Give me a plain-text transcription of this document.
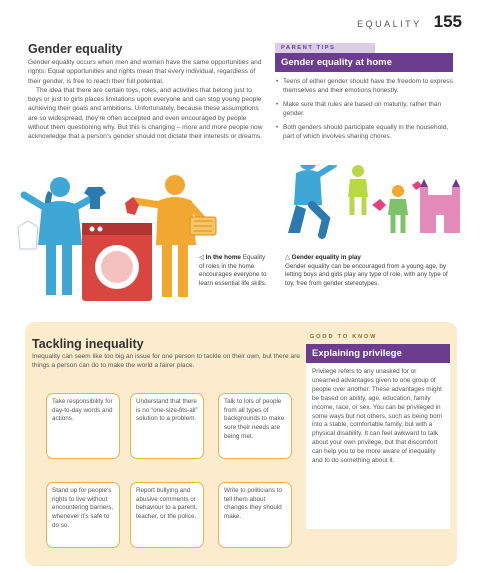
EQUALITY 155
Gender equality

Gender equality occurs when men and women have the same opportunities and rights. Equal opportunities and rights mean that every individual, regardless of their gender, is free to reach their full potential.

The idea that there are certain toys, roles, and activities that belong just to boys or just to girls places limitations upon everyone and can stop young people achieving their goals and ambitions. Unfortunately, because these assumptions are so widespread, they’re often accepted and even encouraged by people without them questioning why. But this is changing – more and more people now acknowledge that a person’s gender should not dictate their interests or dreams.

PARENT TIPS
Gender equality at home
• Teens of either gender should have the freedom to express themselves and their emotions honestly.
• Make sure that rules are based on maturity, rather than gender.
• Both genders should participate equally in the household, part of which involves sharing chores.
◁ In the home Equality of roles in the home encourages everyone to learn essential life skills.
△ Gender equality in play
Gender equality can be encouraged from a young age, by letting boys and girls play any type of role, with any type of toy, free from gender stereotypes.
Tackling inequality
Inequality can seem like too big an issue for one person to tackle on their own, but there are things a person can do to make the world a fairer place.
Take responsibility for day-to-day words and actions.
Understand that there is no “one-size-fits-all” solution to a problem.
Talk to lots of people from all types of backgrounds to make sure their needs are being met.
Stand up for people’s rights to live without encountering barriers, whenever it’s safe to do so.
Report bullying and abusive comments or behaviour to a parent, teacher, or the police.
Write to politicians to tell them about changes they should make.
GOOD TO KNOW
Explaining privilege
Privilege refers to any unasked for or unearned advantages given to one group of people over another. These advantages might be based on ability, age, education, family income, race, or sex. You can be privileged in some ways but not others, such as being born into a stable, comfortable family, but with a physical disability. It can feel awkward to talk about your own privilege, but that discomfort can help you to be more aware of inequality and to do something about it.
